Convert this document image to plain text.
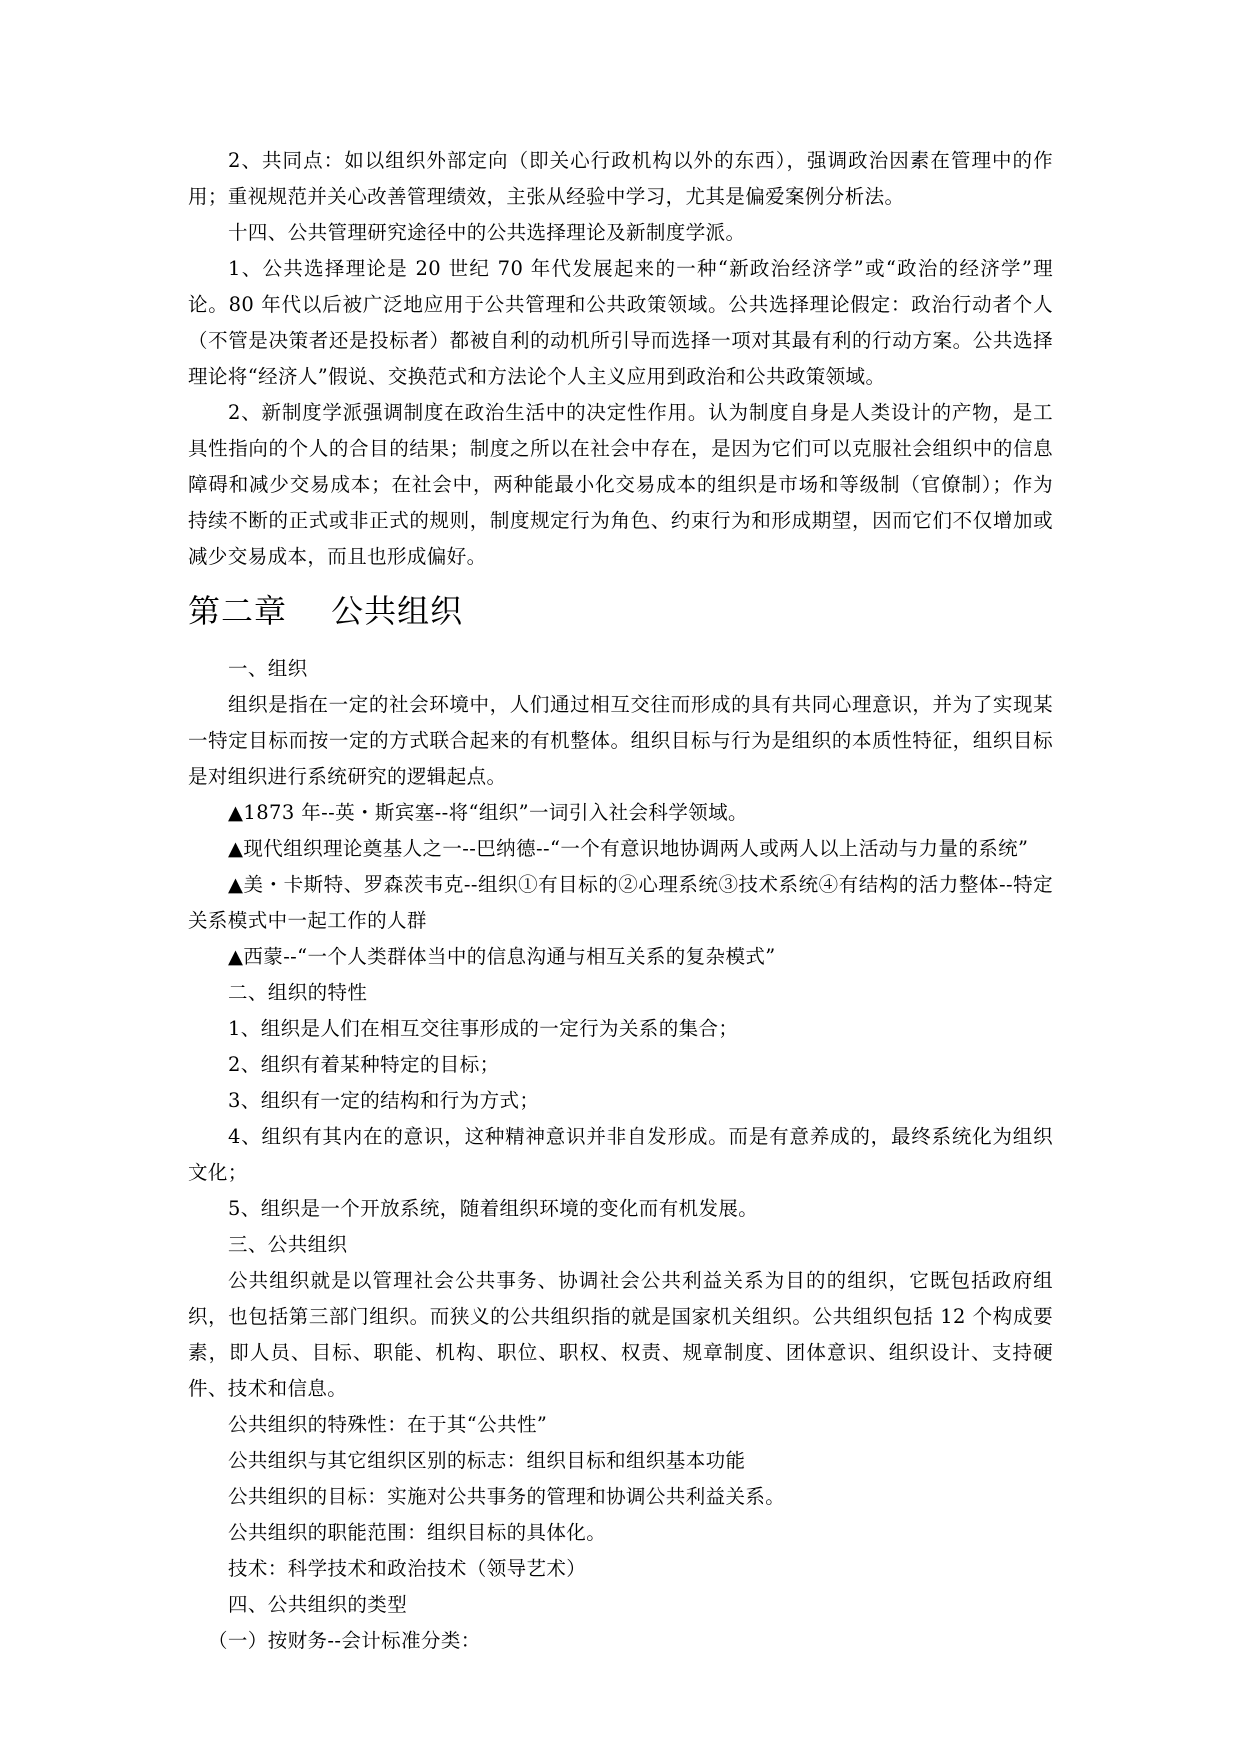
2、共同点：如以组织外部定向（即关心行政机构以外的东西），强调政治因素在管理中的作用；重视规范并关心改善管理绩效，主张从经验中学习，尤其是偏爱案例分析法。

十四、公共管理研究途径中的公共选择理论及新制度学派。

1、公共选择理论是 20 世纪 70 年代发展起来的一种“新政治经济学”或“政治的经济学”理论。80 年代以后被广泛地应用于公共管理和公共政策领域。公共选择理论假定：政治行动者个人（不管是决策者还是投标者）都被自利的动机所引导而选择一项对其最有利的行动方案。公共选择理论将“经济人”假说、交换范式和方法论个人主义应用到政治和公共政策领域。

2、新制度学派强调制度在政治生活中的决定性作用。认为制度自身是人类设计的产物，是工具性指向的个人的合目的结果；制度之所以在社会中存在，是因为它们可以克服社会组织中的信息障碍和减少交易成本；在社会中，两种能最小化交易成本的组织是市场和等级制（官僚制）；作为持续不断的正式或非正式的规则，制度规定行为角色、约束行为和形成期望，因而它们不仅增加或减少交易成本，而且也形成偏好。

第二章　 公共组织

一、组织

组织是指在一定的社会环境中，人们通过相互交往而形成的具有共同心理意识，并为了实现某一特定目标而按一定的方式联合起来的有机整体。组织目标与行为是组织的本质性特征，组织目标是对组织进行系统研究的逻辑起点。

▲1873 年--英・斯宾塞--将“组织”一词引入社会科学领域。

▲现代组织理论奠基人之一--巴纳德--“一个有意识地协调两人或两人以上活动与力量的系统”

▲美・卡斯特、罗森茨韦克--组织①有目标的②心理系统③技术系统④有结构的活力整体--特定关系模式中一起工作的人群

▲西蒙--“一个人类群体当中的信息沟通与相互关系的复杂模式”

二、组织的特性

1、组织是人们在相互交往事形成的一定行为关系的集合；

2、组织有着某种特定的目标；

3、组织有一定的结构和行为方式；

4、组织有其内在的意识，这种精神意识并非自发形成。而是有意养成的，最终系统化为组织文化；

5、组织是一个开放系统，随着组织环境的变化而有机发展。

三、公共组织

公共组织就是以管理社会公共事务、协调社会公共利益关系为目的的组织，它既包括政府组织，也包括第三部门组织。而狭义的公共组织指的就是国家机关组织。公共组织包括 12 个构成要素，即人员、目标、职能、机构、职位、职权、权责、规章制度、团体意识、组织设计、支持硬件、技术和信息。

公共组织的特殊性：在于其“公共性”

公共组织与其它组织区别的标志：组织目标和组织基本功能

公共组织的目标：实施对公共事务的管理和协调公共利益关系。

公共组织的职能范围：组织目标的具体化。

技术：科学技术和政治技术（领导艺术）

四、公共组织的类型

（一）按财务--会计标准分类：
